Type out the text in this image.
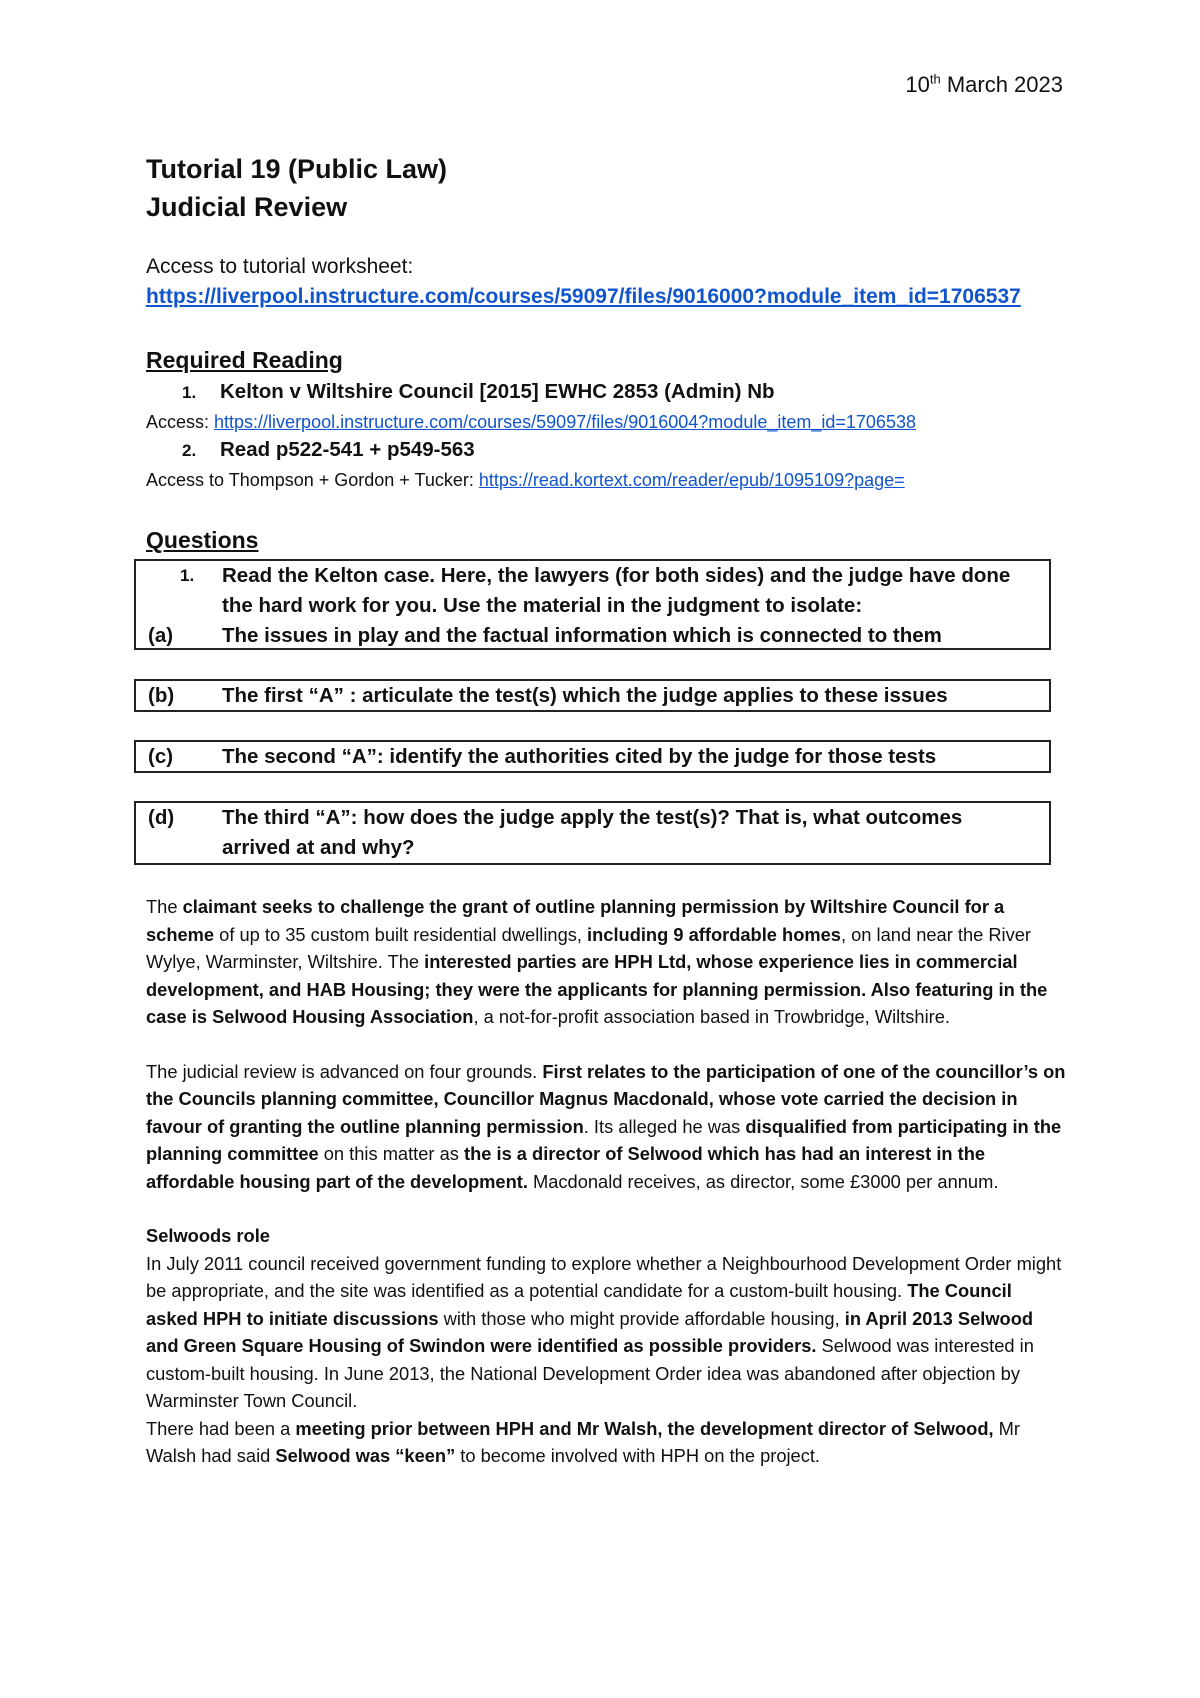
10th March 2023
Tutorial 19 (Public Law)
Judicial Review
Access to tutorial worksheet:
https://liverpool.instructure.com/courses/59097/files/9016000?module_item_id=1706537
Required Reading
1. Kelton v Wiltshire Council [2015] EWHC 2853 (Admin) Nb
Access: https://liverpool.instructure.com/courses/59097/files/9016004?module_item_id=1706538
2. Read p522-541 + p549-563
Access to Thompson + Gordon + Tucker: https://read.kortext.com/reader/epub/1095109?page=
Questions
1. Read the Kelton case. Here, the lawyers (for both sides) and the judge have done
the hard work for you. Use the material in the judgment to isolate:
(a) The issues in play and the factual information which is connected to them
(b) The first “A” : articulate the test(s) which the judge applies to these issues
(c) The second “A”: identify the authorities cited by the judge for those tests
(d) The third “A”: how does the judge apply the test(s)? That is, what outcomes
arrived at and why?

The claimant seeks to challenge the grant of outline planning permission by Wiltshire Council for a scheme of up to 35 custom built residential dwellings, including 9 affordable homes, on land near the River Wylye, Warminster, Wiltshire. The interested parties are HPH Ltd, whose experience lies in commercial development, and HAB Housing; they were the applicants for planning permission. Also featuring in the case is Selwood Housing Association, a not-for-profit association based in Trowbridge, Wiltshire.

The judicial review is advanced on four grounds. First relates to the participation of one of the councillor’s on the Councils planning committee, Councillor Magnus Macdonald, whose vote carried the decision in favour of granting the outline planning permission. Its alleged he was disqualified from participating in the planning committee on this matter as the is a director of Selwood which has had an interest in the affordable housing part of the development. Macdonald receives, as director, some £3000 per annum.

Selwoods role

In July 2011 council received government funding to explore whether a Neighbourhood Development Order might be appropriate, and the site was identified as a potential candidate for a custom-built housing. The Council asked HPH to initiate discussions with those who might provide affordable housing, in April 2013 Selwood and Green Square Housing of Swindon were identified as possible providers. Selwood was interested in custom-built housing. In June 2013, the National Development Order idea was abandoned after objection by Warminster Town Council.

There had been a meeting prior between HPH and Mr Walsh, the development director of Selwood, Mr Walsh had said Selwood was “keen” to become involved with HPH on the project.
